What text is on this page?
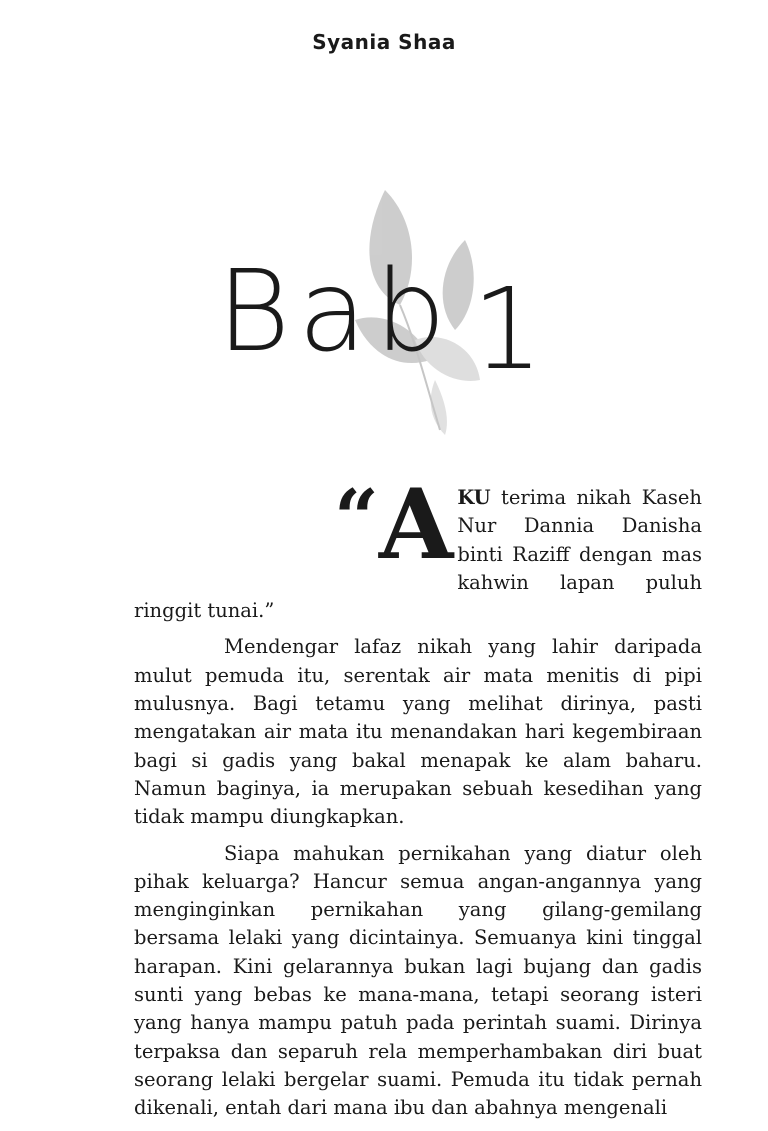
Syania Shaa
Bab 1

“ A KU terima nikah Kaseh Nur Dannia Danisha binti Raziff dengan mas kahwin lapan puluh ringgit tunai.”

Mendengar lafaz nikah yang lahir daripada mulut pemuda itu, serentak air mata menitis di pipi mulusnya. Bagi tetamu yang melihat dirinya, pasti mengatakan air mata itu menandakan hari kegembiraan bagi si gadis yang bakal menapak ke alam baharu. Namun baginya, ia merupakan sebuah kesedihan yang tidak mampu diungkapkan.

Siapa mahukan pernikahan yang diatur oleh pihak keluarga? Hancur semua angan-angannya yang menginginkan pernikahan yang gilang-gemilang bersama lelaki yang dicintainya. Semuanya kini tinggal harapan. Kini gelarannya bukan lagi bujang dan gadis sunti yang bebas ke mana-mana, tetapi seorang isteri yang hanya mampu patuh pada perintah suami. Dirinya terpaksa dan separuh rela memperhambakan diri buat seorang lelaki bergelar suami. Pemuda itu tidak pernah dikenali, entah dari mana ibu dan abahnya mengenali
